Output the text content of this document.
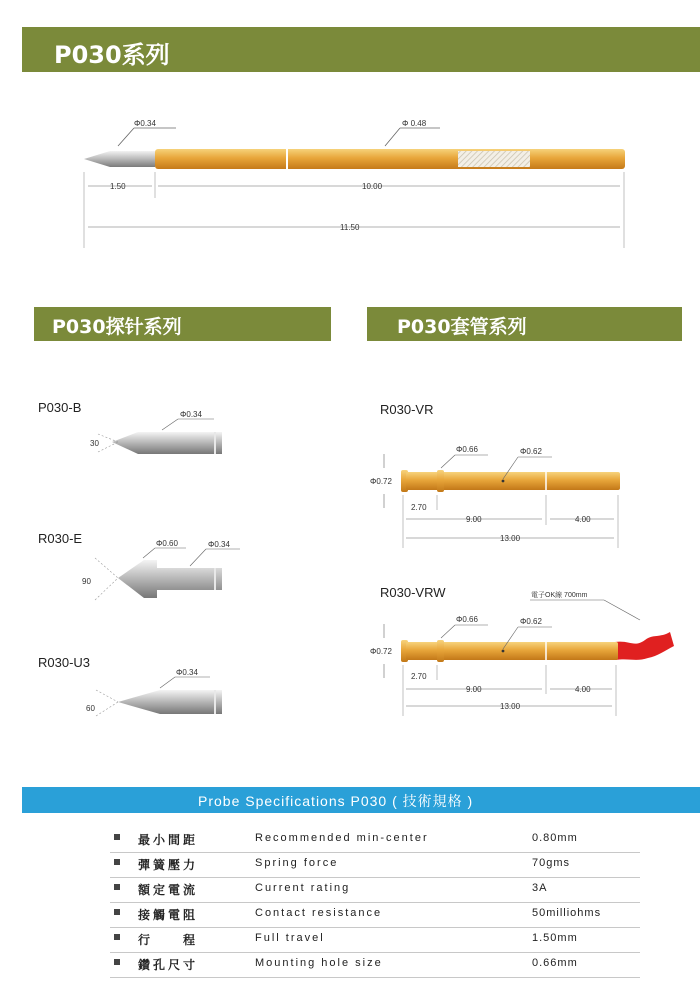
P030系列
Φ0.34	Φ 0.48
1.50	10.00
11.50
P030探针系列	P030套管系列
P030-B
R030-E
R030-U3
30
Φ0.34
90
Φ0.60	Φ0.34
60
Φ0.34
R030-VR
R030-VRW
Φ0.66	Φ0.62
Φ0.72
2.70
9.00	4.00
13.00
電子OK線 700mm
Φ0.66	Φ0.62
Φ0.72
2.70
9.00	4.00
13.00
Probe Specifications P030 ( 技術規格 )
最小間距	Recommended min-center	0.80mm
彈簧壓力	Spring force	70gms
額定電流	Current rating	3A
接觸電阻	Contact resistance	50milliohms
行　　程	Full travel	1.50mm
鑽孔尺寸	Mounting hole size	0.66mm
